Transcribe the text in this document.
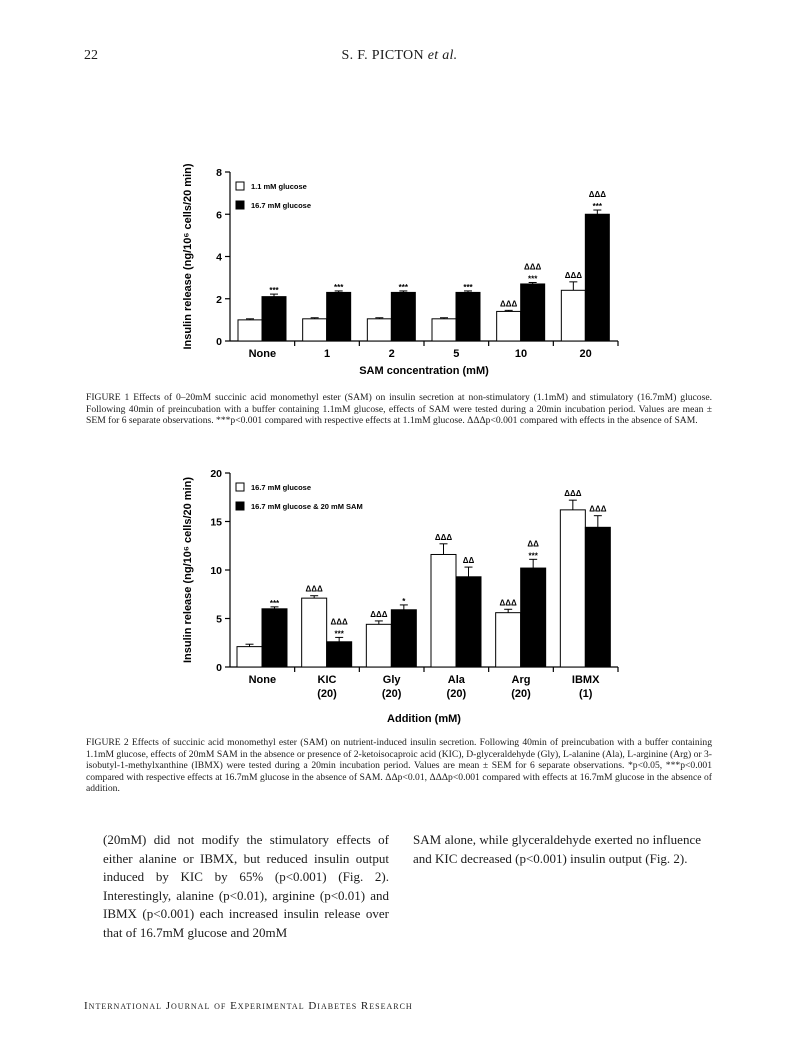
22	S. F. PICTON et al.
0
2
4
6
8
None	1	2	5	10	20
ΔΔΔ
ΔΔΔ
***	***	***	***
***
ΔΔΔ
***
ΔΔΔ
1.1 mM glucose
16.7 mM glucose
SAM concentration (mM)
Insulin release (ng/10⁶ cells/20 min)
FIGURE 1 Effects of 0–20mM succinic acid monomethyl ester (SAM) on insulin secretion at non-stimulatory (1.1mM) and stimulatory (16.7mM) glucose. Following 40min of preincubation with a buffer containing 1.1mM glucose, effects of SAM were tested during a 20min incubation period. Values are mean ± SEM for 6 separate observations. ***p<0.001 compared with respective effects at 1.1mM glucose. ΔΔΔp<0.001 compared with effects in the absence of SAM.
0
5
10
15
20
None	KIC (20)
Gly (20)
Ala (20)
Arg (20)
IBMX (1)
ΔΔΔ
ΔΔΔ
ΔΔΔ
ΔΔΔ
ΔΔΔ
***
***
ΔΔΔ
*
ΔΔ
***
ΔΔ
ΔΔΔ
16.7 mM glucose
16.7 mM glucose & 20 mM SAM
Addition (mM)
Insulin release (ng/10⁶ cells/20 min)
FIGURE 2 Effects of succinic acid monomethyl ester (SAM) on nutrient-induced insulin secretion. Following 40min of preincubation with a buffer containing 1.1mM glucose, effects of 20mM SAM in the absence or presence of 2-ketoisocaproic acid (KIC), D-glyceraldehyde (Gly), L-alanine (Ala), L-arginine (Arg) or 3-isobutyl-1-methylxanthine (IBMX) were tested during a 20min incubation period. Values are mean ± SEM for 6 separate observations. *p<0.05, ***p<0.001 compared with respective effects at 16.7mM glucose in the absence of SAM. ΔΔp<0.01, ΔΔΔp<0.001 compared with effects at 16.7mM glucose in the absence of addition.
(20mM) did not modify the stimulatory effects of either alanine or IBMX, but reduced insulin output induced by KIC by 65% (p<0.001) (Fig. 2). Interestingly, alanine (p<0.01), arginine (p<0.01) and IBMX (p<0.001) each increased insulin release over that of 16.7mM glucose and 20mM
SAM alone, while glyceraldehyde exerted no influence and KIC decreased (p<0.001) insulin output (Fig. 2).
International Journal of Experimental Diabetes Research
